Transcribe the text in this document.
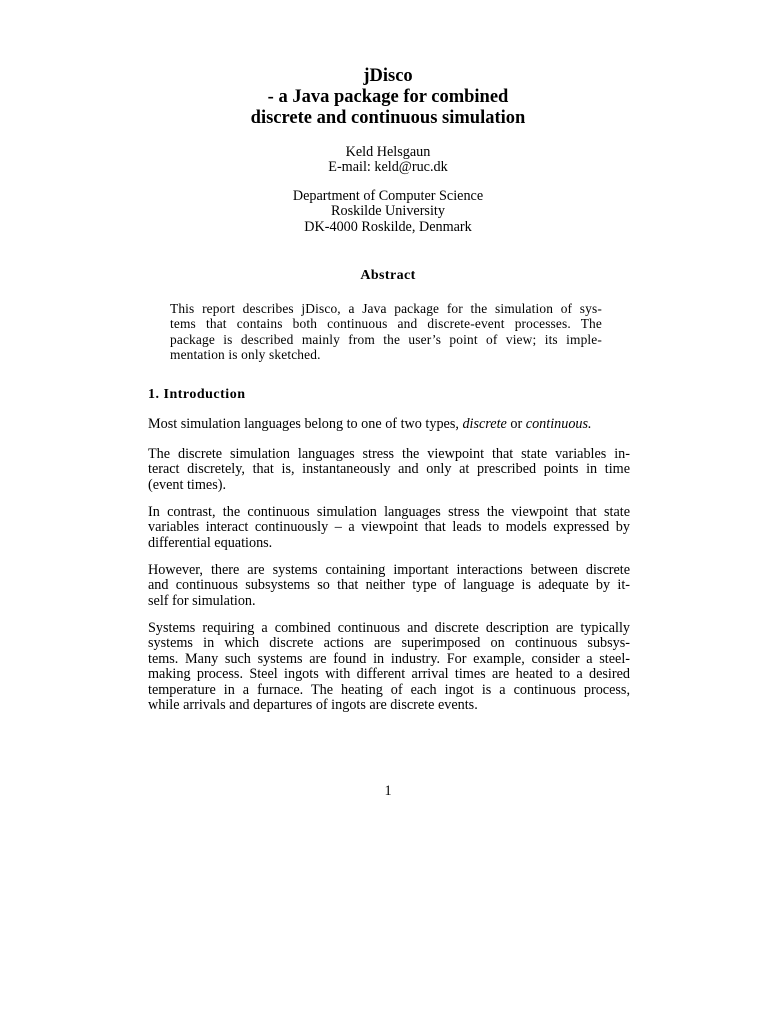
jDisco
- a Java package for combined
discrete and continuous simulation
Keld Helsgaun
E-mail: keld@ruc.dk
Department of Computer Science
Roskilde University
DK-4000 Roskilde, Denmark
Abstract
This report describes jDisco, a Java package for the simulation of sys-
tems that contains both continuous and discrete-event processes. The
package is described mainly from the user’s point of view; its imple-
mentation is only sketched.
1. Introduction
Most simulation languages belong to one of two types, discrete or continuous.
The discrete simulation languages stress the viewpoint that state variables in-
teract discretely, that is, instantaneously and only at prescribed points in time
(event times).
In contrast, the continuous simulation languages stress the viewpoint that state
variables interact continuously – a viewpoint that leads to models expressed by
differential equations.
However, there are systems containing important interactions between discrete
and continuous subsystems so that neither type of language is adequate by it-
self for simulation.
Systems requiring a combined continuous and discrete description are typically
systems in which discrete actions are superimposed on continuous subsys-
tems. Many such systems are found in industry. For example, consider a steel-
making process. Steel ingots with different arrival times are heated to a desired
temperature in a furnace. The heating of each ingot is a continuous process,
while arrivals and departures of ingots are discrete events.
1
